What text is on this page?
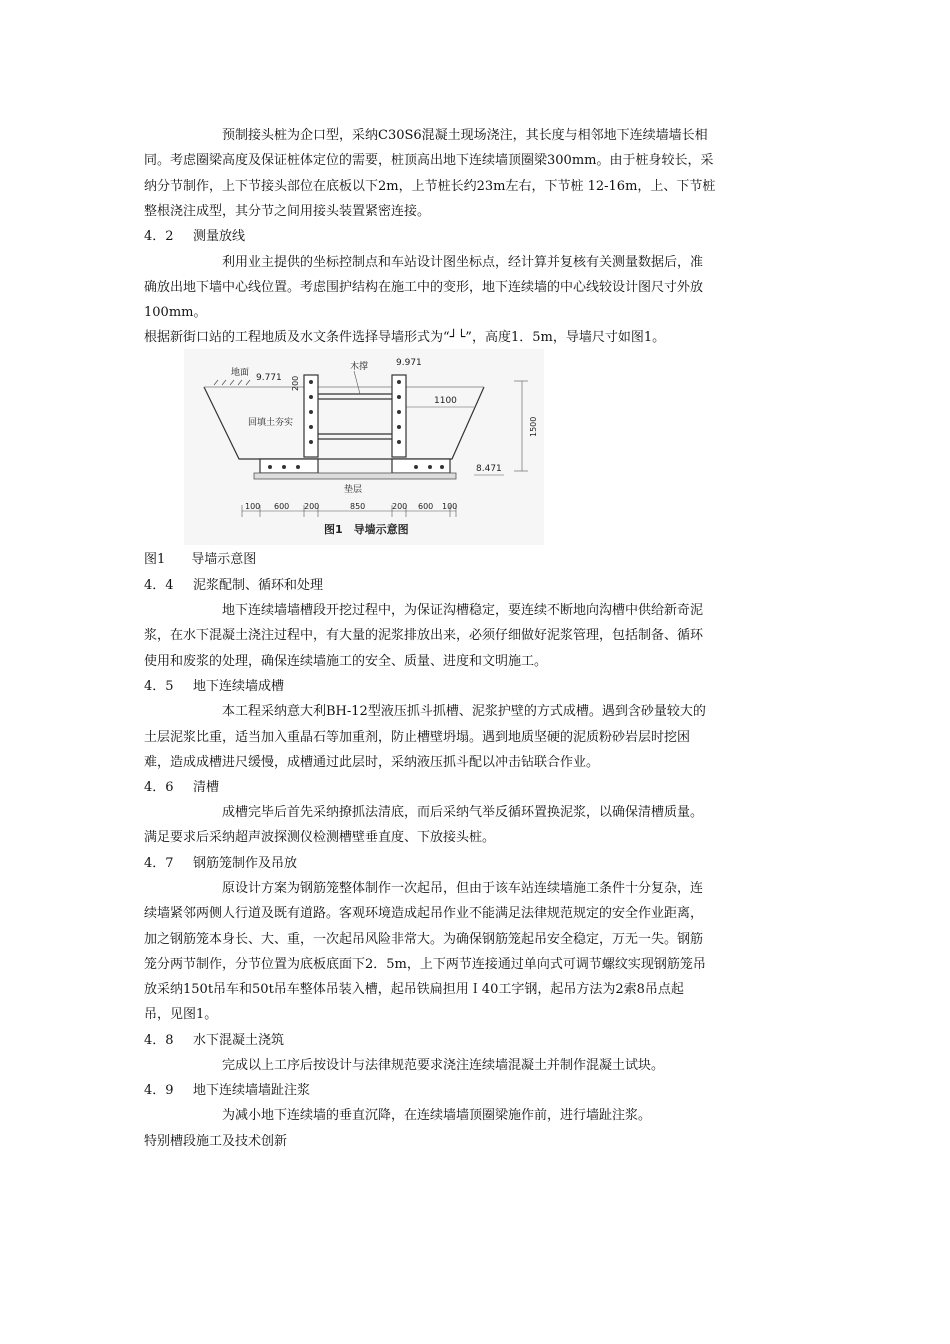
预制接头桩为企口型，采纳C30S6混凝土现场浇注，其长度与相邻地下连续墙墙长相
同。考虑圈梁高度及保证桩体定位的需要，桩顶高出地下连续墙顶圈梁300mm。由于桩身较长，采
纳分节制作，上下节接头部位在底板以下2m，上节桩长约23m左右，下节桩 12-16m，上、下节桩
整根浇注成型，其分节之间用接头装置紧密连接。
4．2	测量放线
利用业主提供的坐标控制点和车站设计图坐标点，经计算并复核有关测量数据后，准
确放出地下墙中心线位置。考虑围护结构在施工中的变形，地下连续墙的中心线较设计图尺寸外放
100mm。
根据新街口站的工程地质及水文条件选择导墙形式为“┘└”，高度1．5m，导墙尺寸如图1。
地面 9.771 200
木撑	9.971
1100
1500
回填土夯实
8.471
垫层
100 600 200	850	200 600 100
图1　导墙示意图
图1　　导墙示意图
4．4	泥浆配制、循环和处理
地下连续墙墙槽段开挖过程中，为保证沟槽稳定，要连续不断地向沟槽中供给新奇泥
浆，在水下混凝土浇注过程中，有大量的泥浆排放出来，必须仔细做好泥浆管理，包括制备、循环
使用和废浆的处理，确保连续墙施工的安全、质量、进度和文明施工。
4．5	地下连续墙成槽
本工程采纳意大利BH-12型液压抓斗抓槽、泥浆护壁的方式成槽。遇到含砂量较大的
土层泥浆比重，适当加入重晶石等加重剂，防止槽壁坍塌。遇到地质坚硬的泥质粉砂岩层时挖困
难，造成成槽进尺缓慢，成槽通过此层时，采纳液压抓斗配以冲击钻联合作业。
4．6	清槽
成槽完毕后首先采纳撩抓法清底，而后采纳气举反循环置换泥浆，以确保清槽质量。
满足要求后采纳超声波探测仪检测槽壁垂直度、下放接头桩。
4．7	钢筋笼制作及吊放
原设计方案为钢筋笼整体制作一次起吊，但由于该车站连续墙施工条件十分复杂，连
续墙紧邻两侧人行道及既有道路。客观环境造成起吊作业不能满足法律规范规定的安全作业距离，
加之钢筋笼本身长、大、重，一次起吊风险非常大。为确保钢筋笼起吊安全稳定，万无一失。钢筋
笼分两节制作，分节位置为底板底面下2．5m，上下两节连接通过单向式可调节螺纹实现钢筋笼吊
放采纳150t吊车和50t吊车整体吊装入槽，起吊铁扁担用Ｉ40工字钢，起吊方法为2索8吊点起
吊，见图1。
4．8	水下混凝土浇筑
完成以上工序后按设计与法律规范要求浇注连续墙混凝土并制作混凝土试块。
4．9	地下连续墙墙趾注浆
为减小地下连续墙的垂直沉降，在连续墙墙顶圈梁施作前，进行墙趾注浆。
特别槽段施工及技术创新
